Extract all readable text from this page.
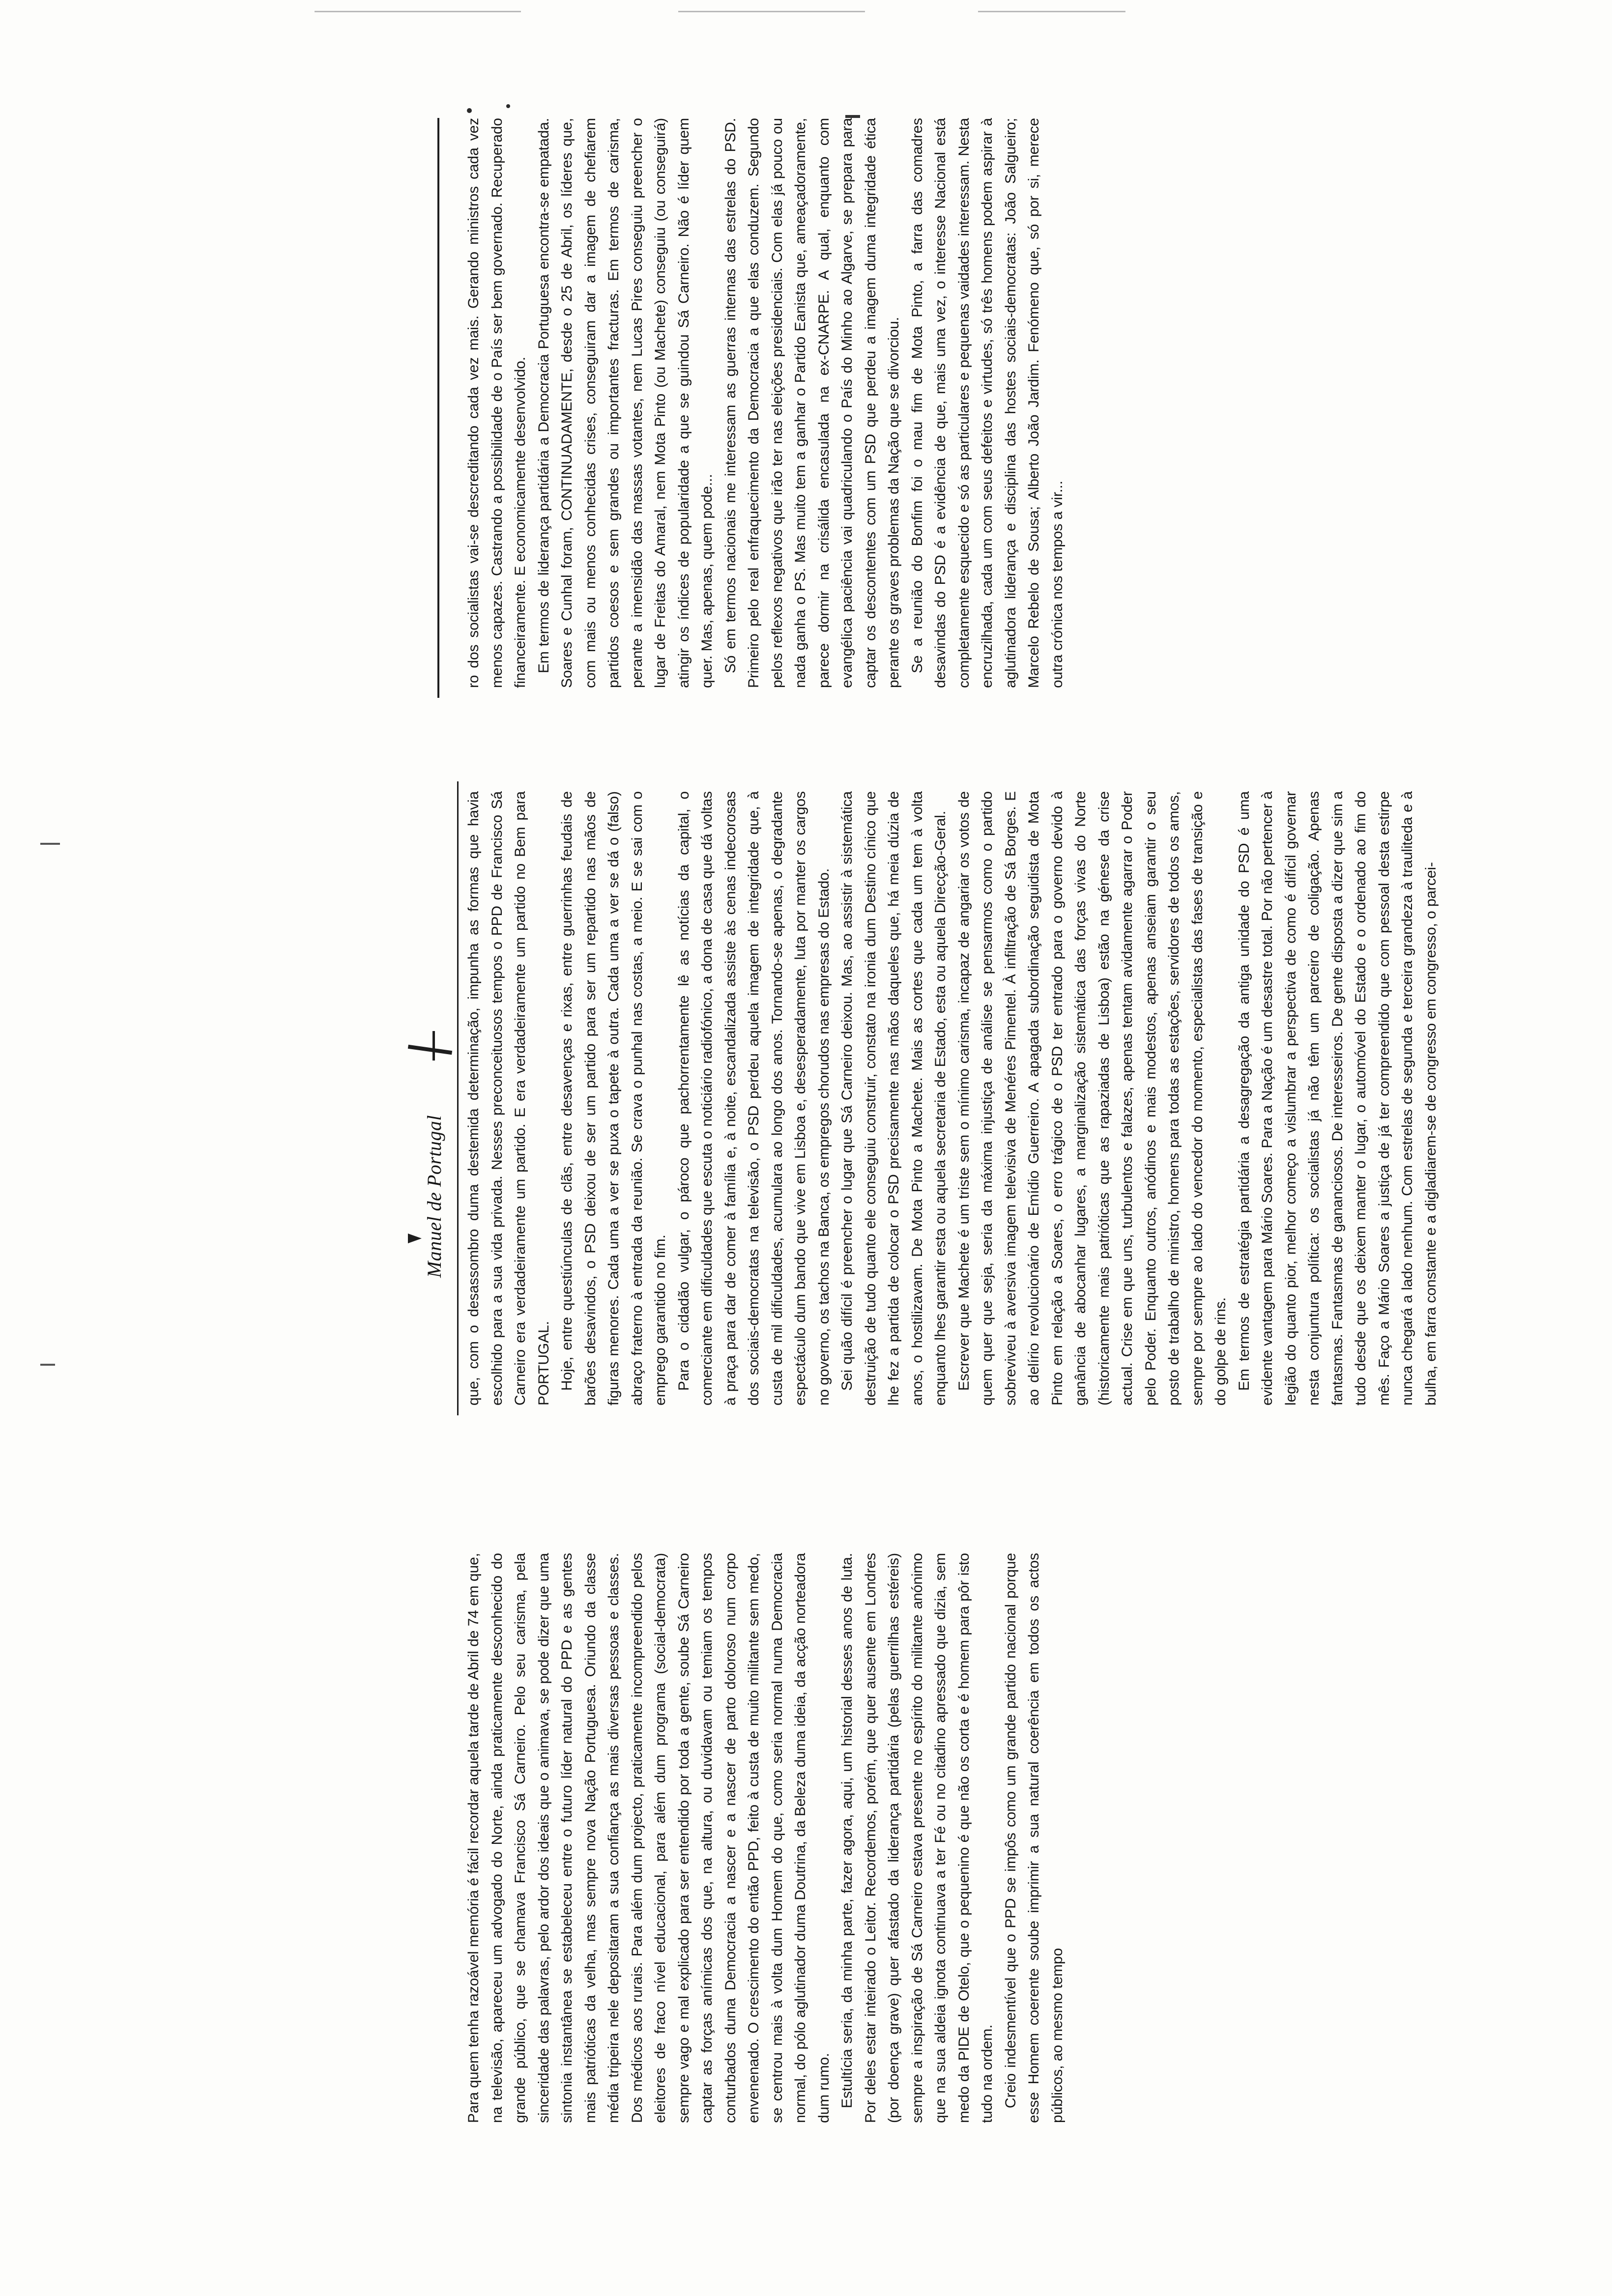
Manuel de Portugal

Para quem tenha razoável memória é fácil recordar aquela tarde de Abril de 74 em que, na televisão, apareceu um advogado do Norte, ainda praticamente desconhecido do grande público, que se chamava Francisco Sá Carneiro. Pelo seu carisma, pela sinceridade das palavras, pelo ardor dos ideais que o animava, se pode dizer que uma sintonia instantânea se estabeleceu entre o futuro líder natural do PPD e as gentes mais patrióticas da velha, mas sempre nova Nação Portuguesa. Oriundo da classe média tripeira nele depositaram a sua confiança as mais diversas pessoas e classes. Dos médicos aos rurais. Para além dum projecto, praticamente incompreendido pelos eleitores de fraco nível educacional, para além dum programa (social-democrata) sempre vago e mal explicado para ser entendido por toda a gente, soube Sá Carneiro captar as forças anímicas dos que, na altura, ou duvidavam ou temiam os tempos conturbados duma Democracia a nascer e a nascer de parto doloroso num corpo envenenado. O crescimento do então PPD, feito à custa de muito militante sem medo, se centrou mais à volta dum Homem do que, como seria normal numa Democracia normal, do pólo aglutinador duma Doutrina, da Beleza duma ideia, da acção norteadora dum rumo. Estultícia seria, da minha parte, fazer agora, aqui, um historial desses anos de luta. Por deles estar inteirado o Leitor. Recordemos, porém, que quer ausente em Londres (por doença grave) quer afastado da liderança partidária (pelas guerrilhas estéreis) sempre a inspiração de Sá Carneiro estava presente no espírito do militante anónimo que na sua aldeia ignota continuava a ter Fé ou no citadino apressado que dizia, sem medo da PIDE de Otelo, que o pequenino é que não os corta e é homem para pôr isto tudo na ordem. Creio indesmentível que o PPD se impôs como um grande partido nacional porque esse Homem coerente soube imprimir a sua natural coerência em todos os actos públicos, ao mesmo tempo

que, com o desassombro duma destemida determinação, impunha as formas que havia escolhido para a sua vida privada. Nesses preconceituosos tempos o PPD de Francisco Sá Carneiro era verdadeiramente um partido. E era verdadeiramente um partido no Bem para PORTUGAL. Hoje, entre questiúnculas de clãs, entre desavenças e rixas, entre guerrinhas feudais de barões desavindos, o PSD deixou de ser um partido para ser um repartido nas mãos de figuras menores. Cada uma a ver se puxa o tapete à outra. Cada uma a ver se dá o (falso) abraço fraterno à entrada da reunião. Se crava o punhal nas costas, a meio. E se sai com o emprego garantido no fim. Para o cidadão vulgar, o pároco que pachorrentamente lê as notícias da capital, o comerciante em dificuldades que escuta o noticiário radiofónico, a dona de casa que dá voltas à praça para dar de comer à família e, à noite, escandalizada assiste às cenas indecorosas dos sociais-democratas na televisão, o PSD perdeu aquela imagem de integridade que, à custa de mil dificuldades, acumulara ao longo dos anos. Tornando-se apenas, o degradante espectáculo dum bando que vive em Lisboa e, desesperadamente, luta por manter os cargos no governo, os tachos na Banca, os empregos chorudos nas empresas do Estado. Sei quão difícil é preencher o lugar que Sá Carneiro deixou. Mas, ao assistir à sistemática destruição de tudo quanto ele conseguiu construir, constato na ironia dum Destino cínico que lhe fez a partida de colocar o PSD precisamente nas mãos daqueles que, há meia dúzia de anos, o hostilizavam. De Mota Pinto a Machete. Mais as cortes que cada um tem à volta enquanto lhes garantir esta ou aquela secretaria de Estado, esta ou aquela Direcção-Geral. Escrever que Machete é um triste sem o mínimo carisma, incapaz de angariar os votos de quem quer que seja, seria da máxima injustiça de análise se pensarmos como o partido sobreviveu à aversiva imagem televisiva de Menéres Pimentel. À infiltração de Sá Borges. E ao delírio revolucionário de Emídio Guerreiro. A apagada subordinação seguidista de Mota Pinto em relação a Soares, o erro trágico de o PSD ter entrado para o governo devido à ganância de abocanhar lugares, a marginalização sistemática das forças vivas do Norte (historicamente mais patrióticas que as rapaziadas de Lisboa) estão na génese da crise actual. Crise em que uns, turbulentos e falazes, apenas tentam avidamente agarrar o Poder pelo Poder. Enquanto outros, anódinos e mais modestos, apenas anseiam garantir o seu posto de trabalho de ministro, homens para todas as estações, servidores de todos os amos, sempre por sempre ao lado do vencedor do momento, especialistas das fases de transição e do golpe de rins. Em termos de estratégia partidária a desagregação da antiga unidade do PSD é uma evidente vantagem para Mário Soares. Para a Nação é um desastre total. Por não pertencer à legião do quanto pior, melhor começo a vislumbrar a perspectiva de como é difícil governar nesta conjuntura política: os socialistas já não têm um parceiro de coligação. Apenas fantasmas. Fantasmas de gananciosos. De interesseiros. De gente disposta a dizer que sim a tudo desde que os deixem manter o lugar, o automóvel do Estado e o ordenado ao fim do mês. Faço a Mário Soares a justiça de já ter compreendido que com pessoal desta estirpe nunca chegará a lado nenhum. Com estrelas de segunda e terceira grandeza à trauliteda e à bulha, em farra constante e a digladiarem-se de congresso em congresso, o parcei-

ro dos socialistas vai-se descreditando cada vez mais. Gerando ministros cada vez menos capazes. Castrando a possibilidade de o País ser bem governado. Recuperado financeiramente. E economicamente desenvolvido. Em termos de liderança partidária a Democracia Portuguesa encontra-se empatada. Soares e Cunhal foram, CONTINUADAMENTE, desde o 25 de Abril, os líderes que, com mais ou menos conhecidas crises, conseguiram dar a imagem de chefiarem partidos coesos e sem grandes ou importantes fracturas. Em termos de carisma, perante a imensidão das massas votantes, nem Lucas Pires conseguiu preencher o lugar de Freitas do Amaral, nem Mota Pinto (ou Machete) conseguiu (ou conseguirá) atingir os índices de popularidade a que se guindou Sá Carneiro. Não é líder quem quer. Mas, apenas, quem pode... Só em termos nacionais me interessam as guerras internas das estrelas do PSD. Primeiro pelo real enfraquecimento da Democracia a que elas conduzem. Segundo pelos reflexos negativos que irão ter nas eleições presidenciais. Com elas já pouco ou nada ganha o PS. Mas muito tem a ganhar o Partido Eanista que, ameaçadoramente, parece dormir na crisálida encasulada na ex-CNARPE. A qual, enquanto com evangélica paciência vai quadriculando o País do Minho ao Algarve, se prepara para captar os descontentes com um PSD que perdeu a imagem duma integridade ética perante os graves problemas da Nação que se divorciou. Se a reunião do Bonfim foi o mau fim de Mota Pinto, a farra das comadres desavindas do PSD é a evidência de que, mais uma vez, o interesse Nacional está completamente esquecido e só as particulares e pequenas vaidades interessam. Nesta encruzilhada, cada um com seus defeitos e virtudes, só três homens podem aspirar à aglutinadora liderança e disciplina das hostes sociais-democratas: João Salgueiro; Marcelo Rebelo de Sousa; Alberto João Jardim. Fenómeno que, só por si, merece outra crónica nos tempos a vir...
